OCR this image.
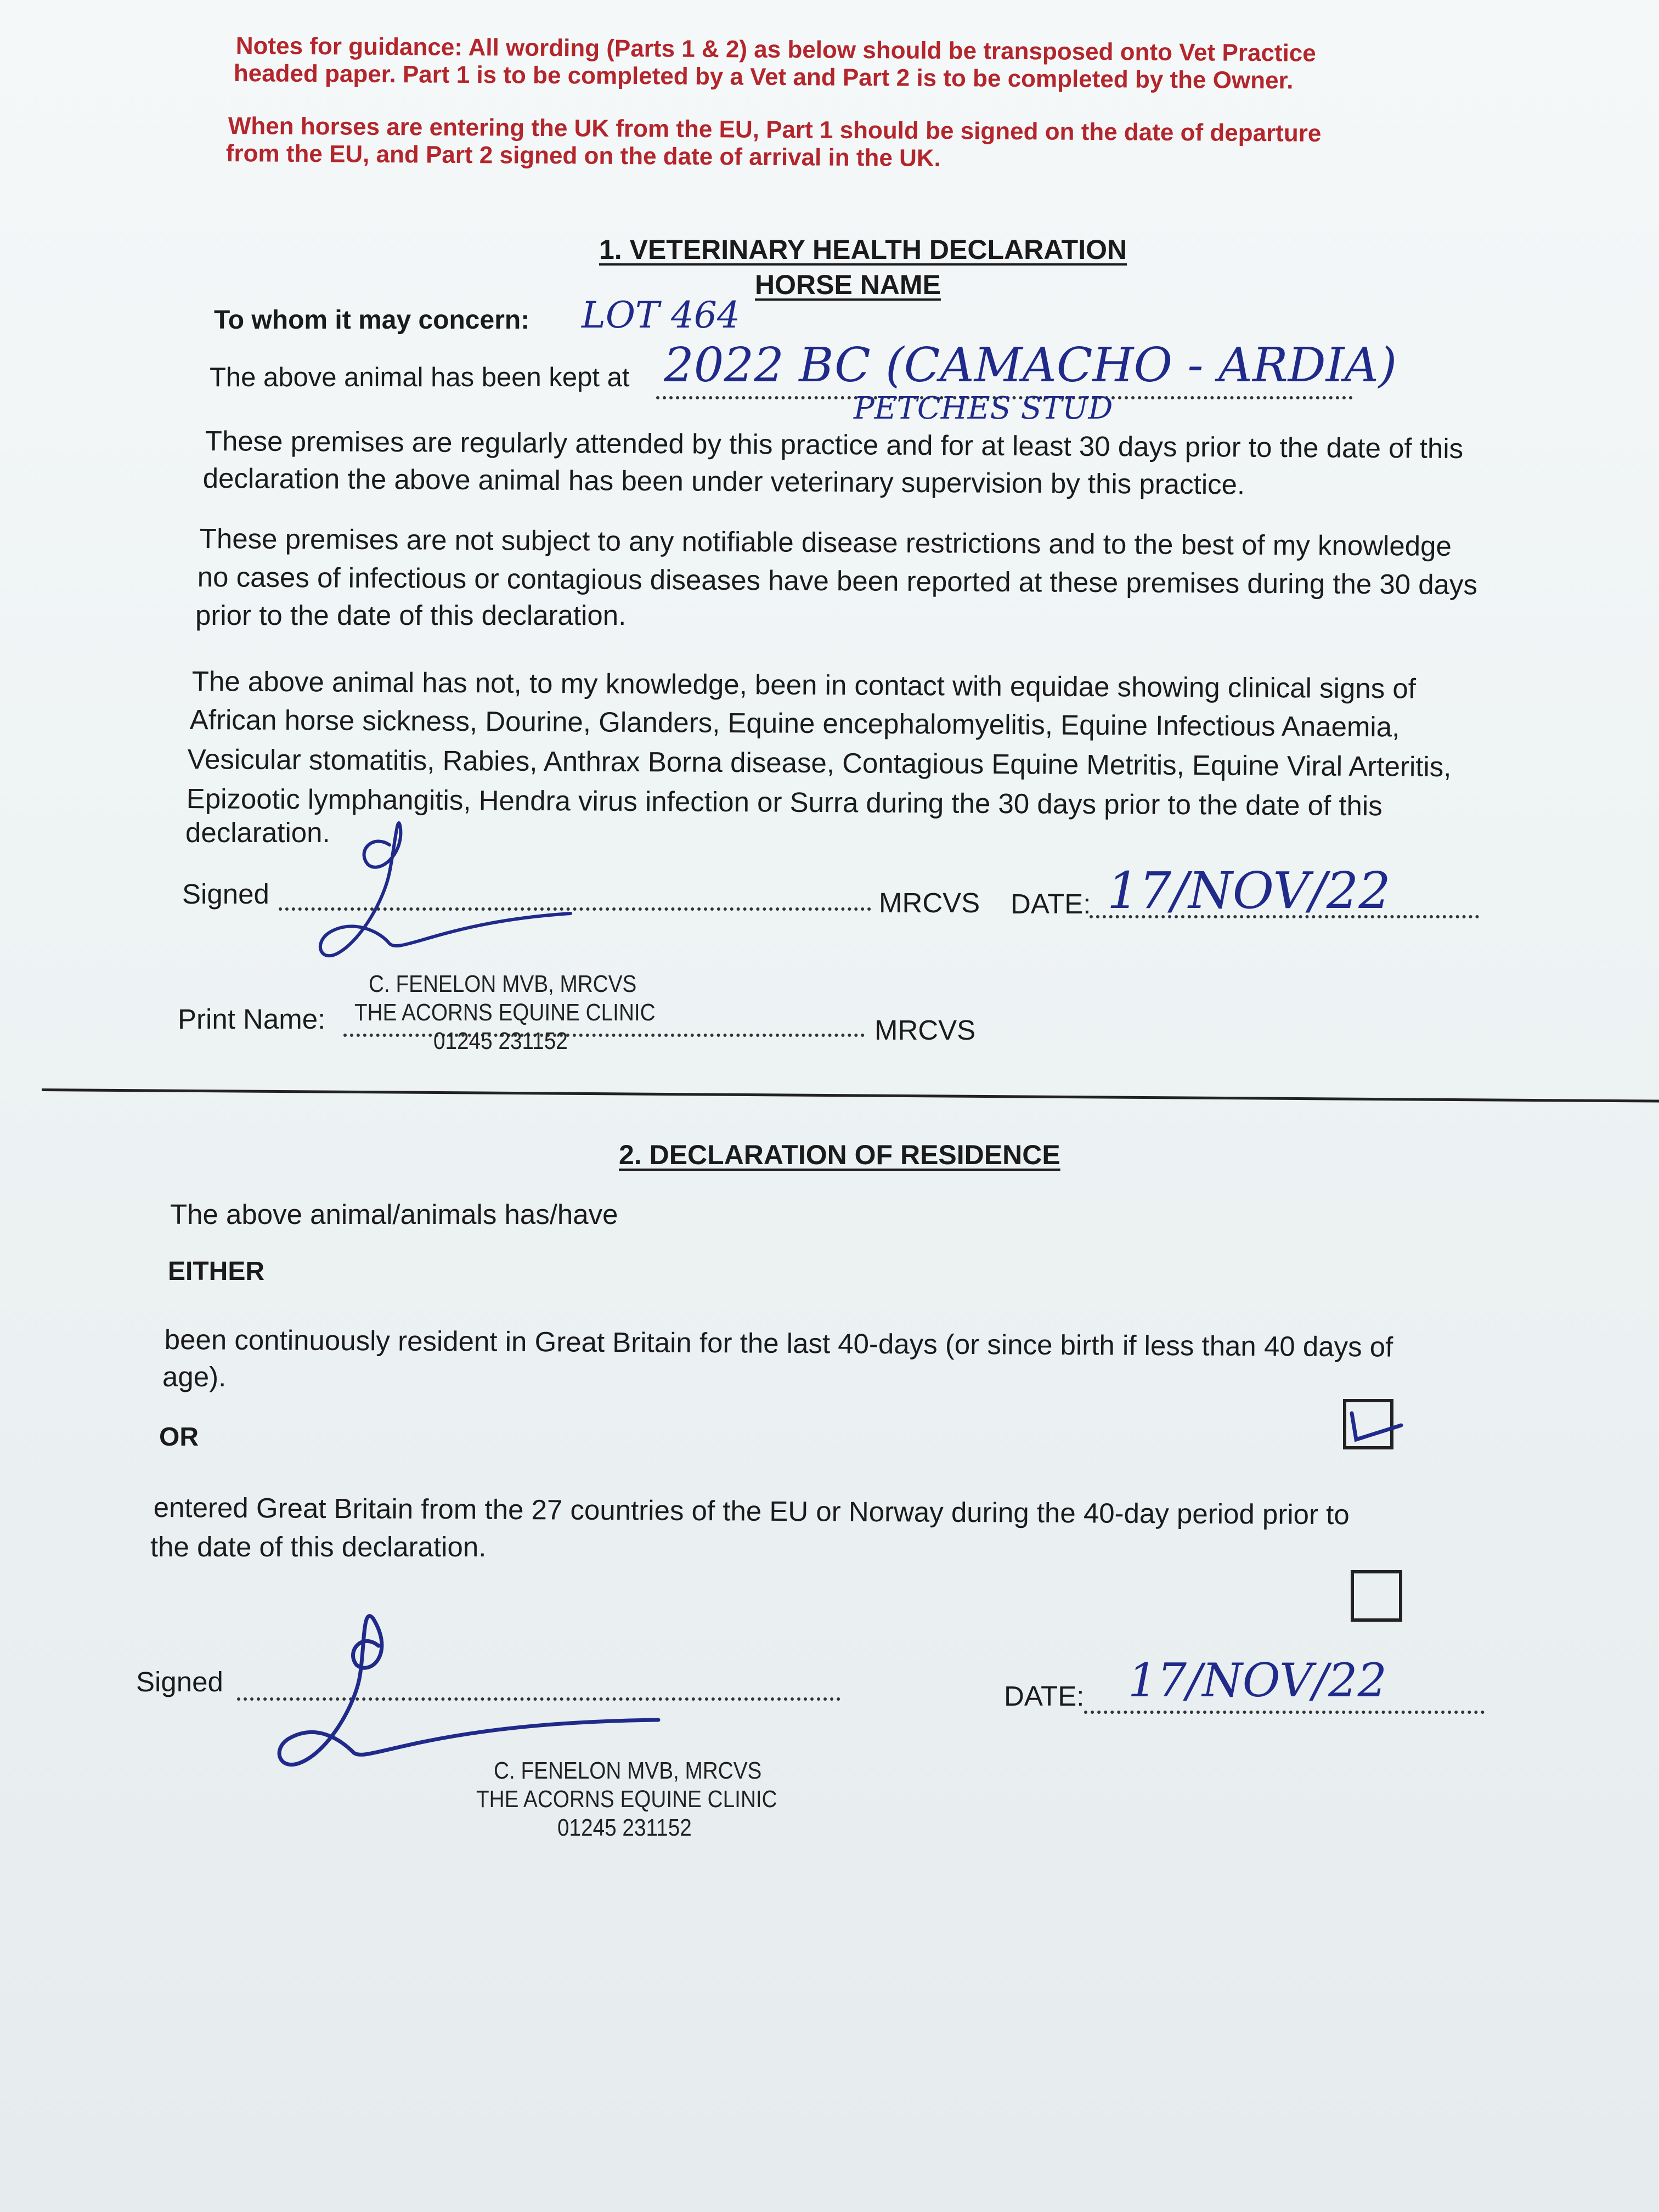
Notes for guidance: All wording (Parts 1 & 2) as below should be transposed onto Vet Practice
headed paper. Part 1 is to be completed by a Vet and Part 2 is to be completed by the Owner.
When horses are entering the UK from the EU, Part 1 should be signed on the date of departure
from the EU, and Part 2 signed on the date of arrival in the UK.
1. VETERINARY HEALTH DECLARATION
HORSE NAME
To whom it may concern: LOT 464
The above animal has been kept at 2022 BC (CAMACHO - ARDIA)
PETCHES STUD
These premises are regularly attended by this practice and for at least 30 days prior to the date of this
declaration the above animal has been under veterinary supervision by this practice.
These premises are not subject to any notifiable disease restrictions and to the best of my knowledge
no cases of infectious or contagious diseases have been reported at these premises during the 30 days
prior to the date of this declaration.
The above animal has not, to my knowledge, been in contact with equidae showing clinical signs of
African horse sickness, Dourine, Glanders, Equine encephalomyelitis, Equine Infectious Anaemia,
Vesicular stomatitis, Rabies, Anthrax Borna disease, Contagious Equine Metritis, Equine Viral Arteritis,
Epizootic lymphangitis, Hendra virus infection or Surra during the 30 days prior to the date of this
declaration.
Signed	MRCVS DATE: 17/NOV/22
Print Name:	MRCVS
C. FENELON MVB, MRCVS
THE ACORNS EQUINE CLINIC
01245 231152
2. DECLARATION OF RESIDENCE
The above animal/animals has/have
EITHER
been continuously resident in Great Britain for the last 40-days (or since birth if less than 40 days of
age).
OR
entered Great Britain from the 27 countries of the EU or Norway during the 40-day period prior to
the date of this declaration.
Signed	DATE: 17/NOV/22
C. FENELON MVB, MRCVS
THE ACORNS EQUINE CLINIC
01245 231152
